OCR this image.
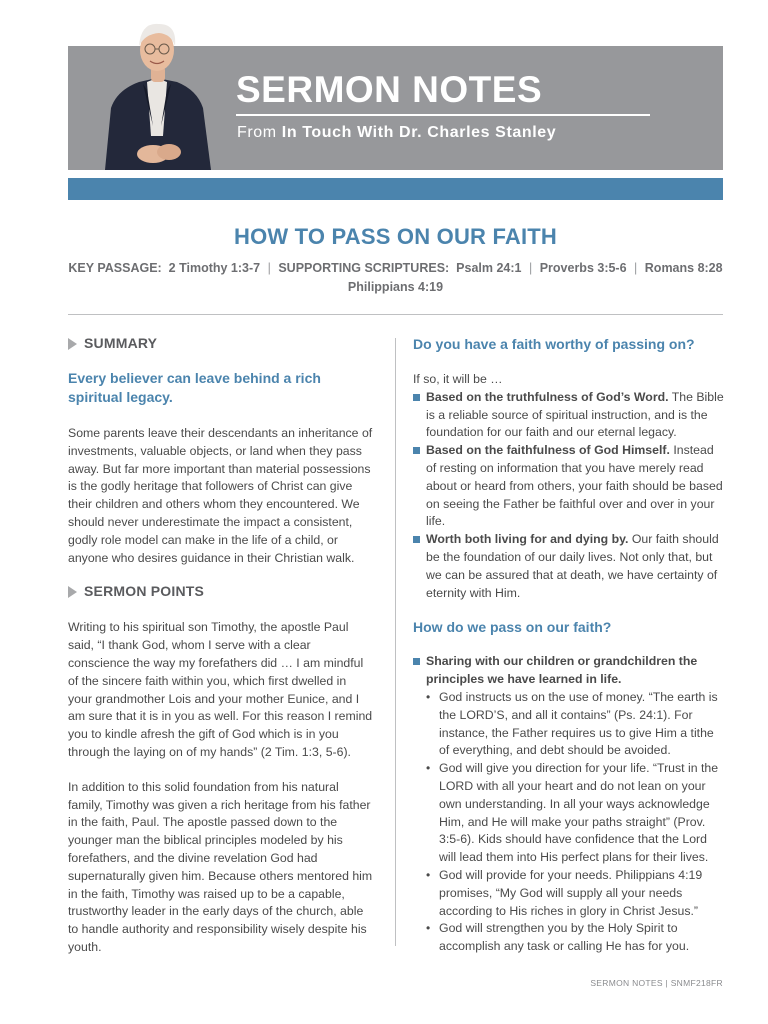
SERMON NOTES
From In Touch With Dr. Charles Stanley
HOW TO PASS ON OUR FAITH
KEY PASSAGE: 2 Timothy 1:3-7 | SUPPORTING SCRIPTURES: Psalm 24:1 | Proverbs 3:5-6 | Romans 8:28
Philippians 4:19
SUMMARY

Every believer can leave behind a rich spiritual legacy.

Some parents leave their descendants an inheritance of investments, valuable objects, or land when they pass away. But far more important than material possessions is the godly heritage that followers of Christ can give their children and others whom they encountered. We should never underestimate the impact a consistent, godly role model can make in the life of a child, or anyone who desires guidance in their Christian walk.

SERMON POINTS

Writing to his spiritual son Timothy, the apostle Paul said, “I thank God, whom I serve with a clear conscience the way my forefathers did … I am mindful of the sincere faith within you, which first dwelled in your grandmother Lois and your mother Eunice, and I am sure that it is in you as well. For this reason I remind you to kindle afresh the gift of God which is in you through the laying on of my hands” (2 Tim. 1:3, 5-6).

In addition to this solid foundation from his natural family, Timothy was given a rich heritage from his father in the faith, Paul. The apostle passed down to the younger man the biblical principles modeled by his forefathers, and the divine revelation God had supernaturally given him. Because others mentored him in the faith, Timothy was raised up to be a capable, trustworthy leader in the early days of the church, able to handle authority and responsibility wisely despite his youth.

Do you have a faith worthy of passing on?

If so, it will be …

Based on the truthfulness of God’s Word. The Bible is a reliable source of spiritual instruction, and is the foundation for our faith and our eternal legacy.
Based on the faithfulness of God Himself. Instead of resting on information that you have merely read about or heard from others, your faith should be based on seeing the Father be faithful over and over in your life.
Worth both living for and dying by. Our faith should be the foundation of our daily lives. Not only that, but we can be assured that at death, we have certainty of eternity with Him.
How do we pass on our faith?
Sharing with our children or grandchildren the principles we have learned in life.
• God instructs us on the use of money. “The earth is the LORD’S, and all it contains” (Ps. 24:1). For instance, the Father requires us to give Him a tithe of everything, and debt should be avoided.
• God will give you direction for your life. “Trust in the LORD with all your heart and do not lean on your own understanding. In all your ways acknowledge Him, and He will make your paths straight” (Prov. 3:5-6). Kids should have confidence that the Lord will lead them into His perfect plans for their lives.
• God will provide for your needs. Philippians 4:19 promises, “My God will supply all your needs according to His riches in glory in Christ Jesus.”
• God will strengthen you by the Holy Spirit to accomplish any task or calling He has for you.
SERMON NOTES | SNMF218FR
